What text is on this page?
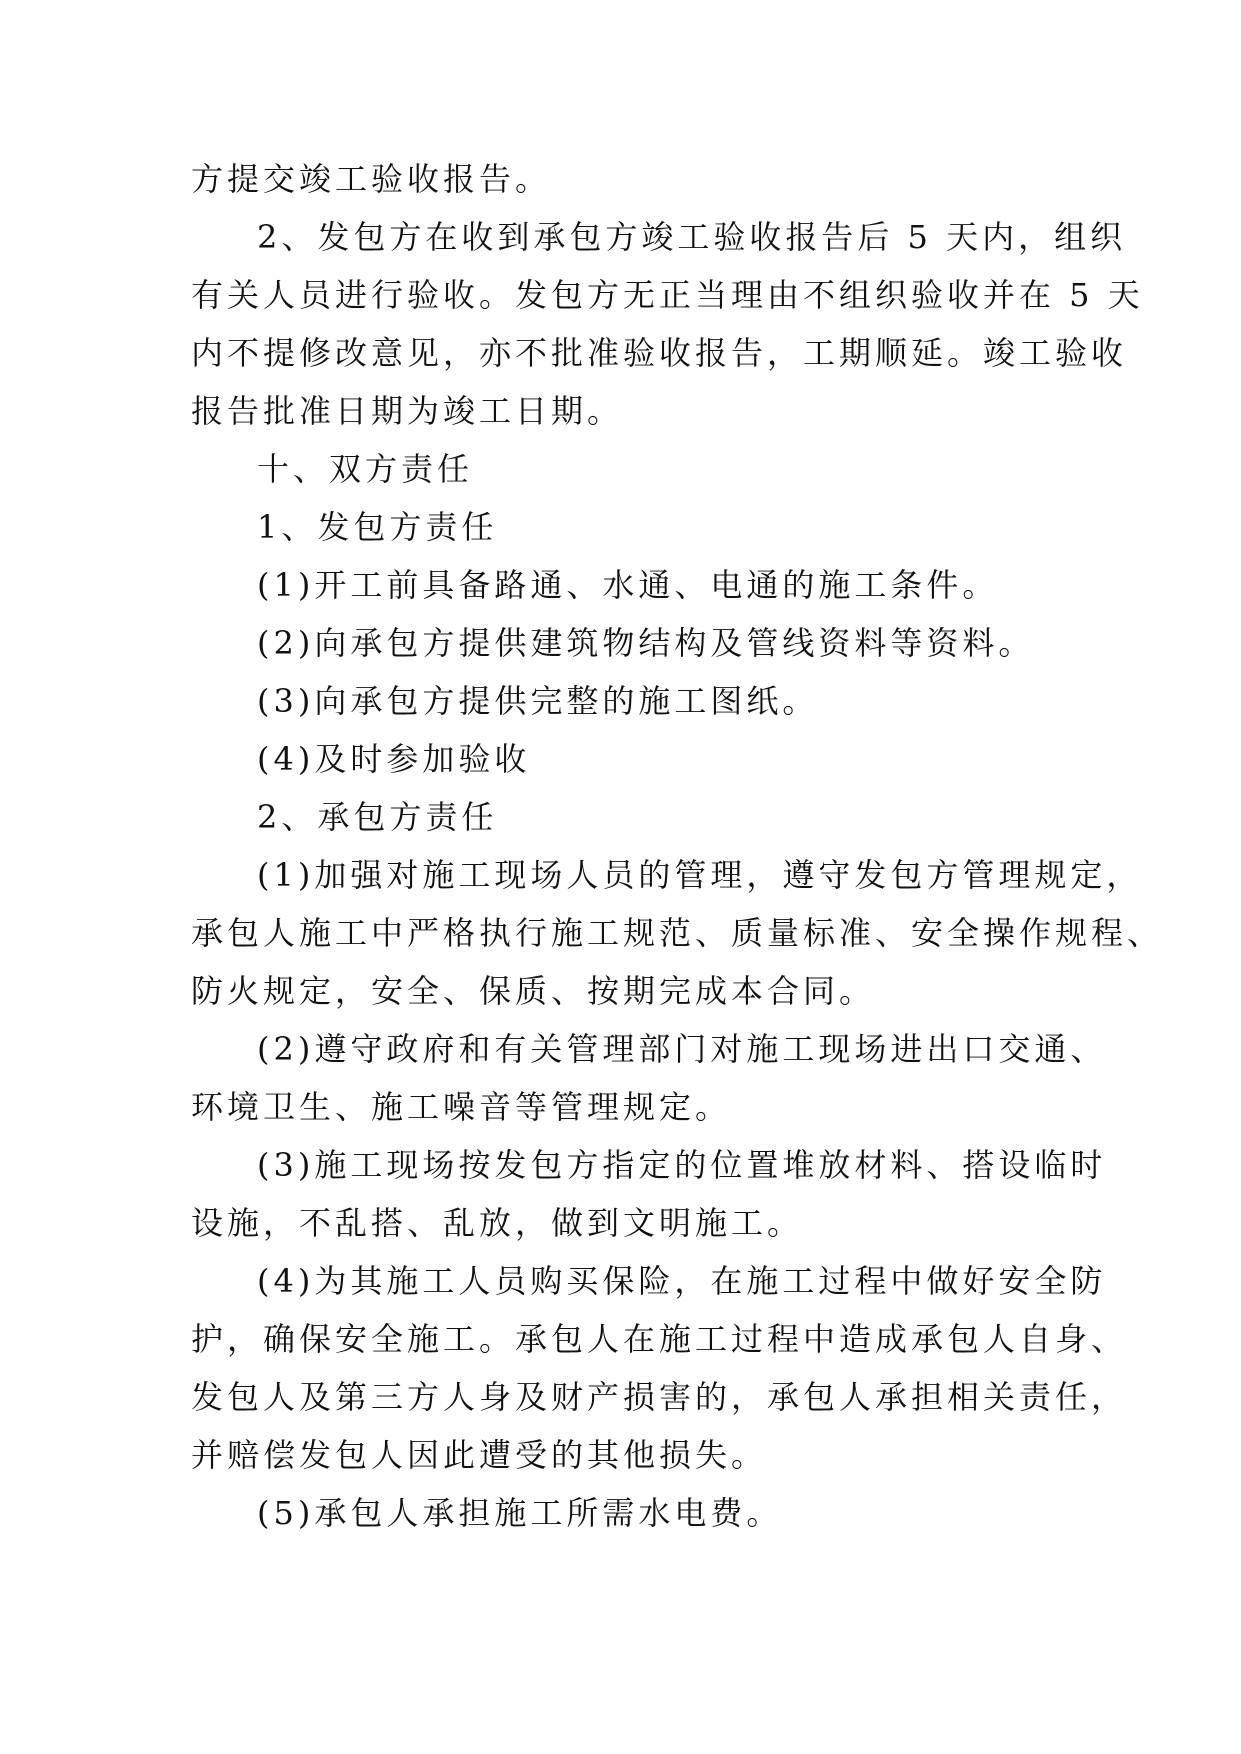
方提交竣工验收报告。

2、发包方在收到承包方竣工验收报告后 5 天内，组织
有关人员进行验收。发包方无正当理由不组织验收并在 5 天
内不提修改意见，亦不批准验收报告，工期顺延。竣工验收
报告批准日期为竣工日期。

十、双方责任

1、发包方责任

(1)开工前具备路通、水通、电通的施工条件。

(2)向承包方提供建筑物结构及管线资料等资料。

(3)向承包方提供完整的施工图纸。

(4)及时参加验收

2、承包方责任

(1)加强对施工现场人员的管理，遵守发包方管理规定，
承包人施工中严格执行施工规范、质量标准、安全操作规程、
防火规定，安全、保质、按期完成本合同。

(2)遵守政府和有关管理部门对施工现场进出口交通、
环境卫生、施工噪音等管理规定。

(3)施工现场按发包方指定的位置堆放材料、搭设临时
设施，不乱搭、乱放，做到文明施工。

(4)为其施工人员购买保险，在施工过程中做好安全防
护，确保安全施工。承包人在施工过程中造成承包人自身、
发包人及第三方人身及财产损害的，承包人承担相关责任，
并赔偿发包人因此遭受的其他损失。

(5)承包人承担施工所需水电费。
